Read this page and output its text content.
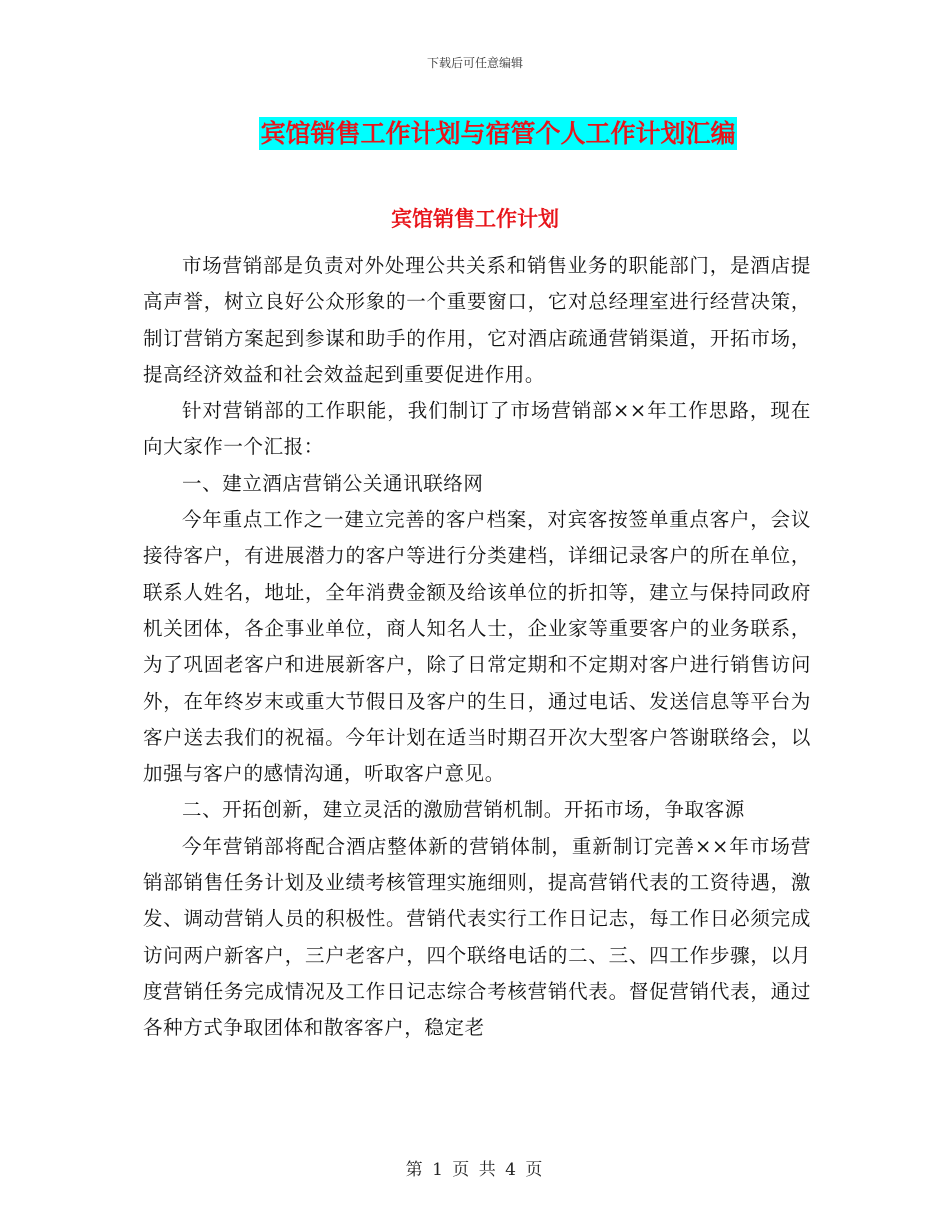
下载后可任意编辑
宾馆销售工作计划与宿管个人工作计划汇编
宾馆销售工作计划

市场营销部是负责对外处理公共关系和销售业务的职能部门，是酒店提高声誉，树立良好公众形象的一个重要窗口，它对总经理室进行经营决策，制订营销方案起到参谋和助手的作用，它对酒店疏通营销渠道，开拓市场，提高经济效益和社会效益起到重要促进作用。

针对营销部的工作职能，我们制订了市场营销部××年工作思路，现在向大家作一个汇报：

一、建立酒店营销公关通讯联络网

今年重点工作之一建立完善的客户档案，对宾客按签单重点客户，会议接待客户，有进展潜力的客户等进行分类建档，详细记录客户的所在单位，联系人姓名，地址，全年消费金额及给该单位的折扣等，建立与保持同政府机关团体，各企事业单位，商人知名人士，企业家等重要客户的业务联系，为了巩固老客户和进展新客户，除了日常定期和不定期对客户进行销售访问外，在年终岁末或重大节假日及客户的生日，通过电话、发送信息等平台为客户送去我们的祝福。今年计划在适当时期召开次大型客户答谢联络会，以加强与客户的感情沟通，听取客户意见。

二、开拓创新，建立灵活的激励营销机制。开拓市场，争取客源

今年营销部将配合酒店整体新的营销体制，重新制订完善××年市场营销部销售任务计划及业绩考核管理实施细则，提高营销代表的工资待遇，激发、调动营销人员的积极性。营销代表实行工作日记志，每工作日必须完成访问两户新客户，三户老客户，四个联络电话的二、三、四工作步骤，以月度营销任务完成情况及工作日记志综合考核营销代表。督促营销代表，通过各种方式争取团体和散客客户，稳定老

第 1 页 共 4 页
